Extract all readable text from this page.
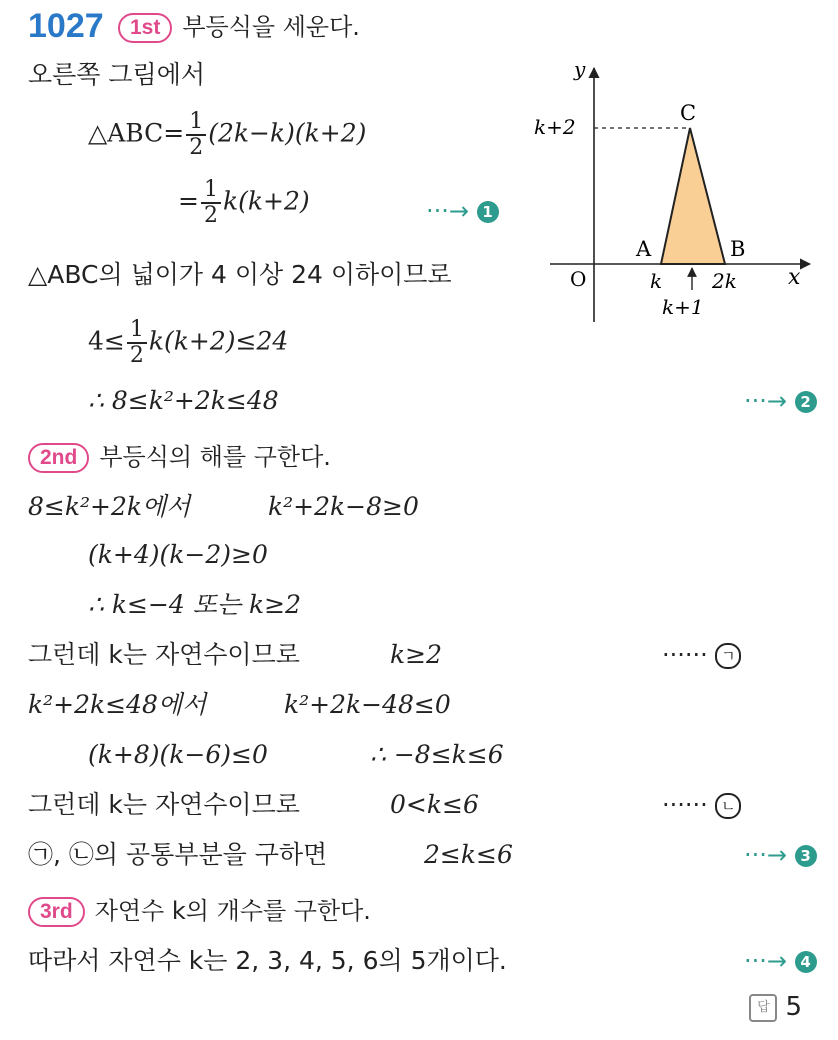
1027	1st 부등식을 세운다.
오른쪽 그림에서
△ABC= $\frac{1}{2} (2k-k)(k+2)$
= $\frac{1}{2} k(k+2)$	···→ 1
△ABC의 넓이가 4 이상 24 이하이므로
$4\le \frac{1}{2} k(k+2)\le 24$
∴ 8≤k²+2k≤48	···→ 2
2nd 부등식의 해를 구한다.
8≤k²+2k에서	k²+2k−8≥0
(k+4)(k−2)≥0
∴ k≤−4 또는 k≥2
그런데 k는 자연수이므로	k≥2	······ ㄱ
k²+2k≤48에서	k²+2k−48≤0
(k+8)(k−6)≤0	∴ −8≤k≤6
그런데 k는 자연수이므로	0<k≤6	······ ㄴ
㉠, ㉡의 공통부분을 구하면	2≤k≤6	···→ 3
3rd 자연수 k의 개수를 구한다.
따라서 자연수 k는 2, 3, 4, 5, 6의 5개이다.	···→ 4
답 5
y
x
O
k+2
C
A	B
k 2k
k+1
